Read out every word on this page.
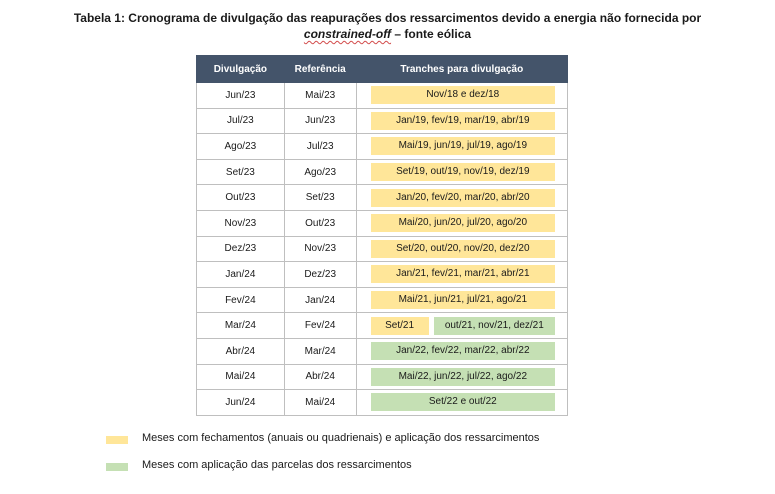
Tabela 1: Cronograma de divulgação das reapurações dos ressarcimentos devido a energia não fornecida por
constrained-off – fonte eólica
Divulgação	Referência	Tranches para divulgação
Jun/23	Mai/23	Nov/18 e dez/18

Jul/23	Jun/23	Jan/19, fev/19, mar/19, abr/19

Ago/23	Jul/23	Mai/19, jun/19, jul/19, ago/19

Set/23	Ago/23	Set/19, out/19, nov/19, dez/19

Out/23	Set/23	Jan/20, fev/20, mar/20, abr/20

Nov/23	Out/23	Mai/20, jun/20, jul/20, ago/20

Dez/23	Nov/23	Set/20, out/20, nov/20, dez/20

Jan/24	Dez/23	Jan/21, fev/21, mar/21, abr/21

Fev/24	Jan/24	Mai/21, jun/21, jul/21, ago/21

Mar/24	Fev/24	Set/21 out/21, nov/21, dez/21

Abr/24	Mar/24	Jan/22, fev/22, mar/22, abr/22

Mai/24	Abr/24	Mai/22, jun/22, jul/22, ago/22

Jun/24	Mai/24	Set/22 e out/22
Meses com fechamentos (anuais ou quadrienais) e aplicação dos ressarcimentos
Meses com aplicação das parcelas dos ressarcimentos
